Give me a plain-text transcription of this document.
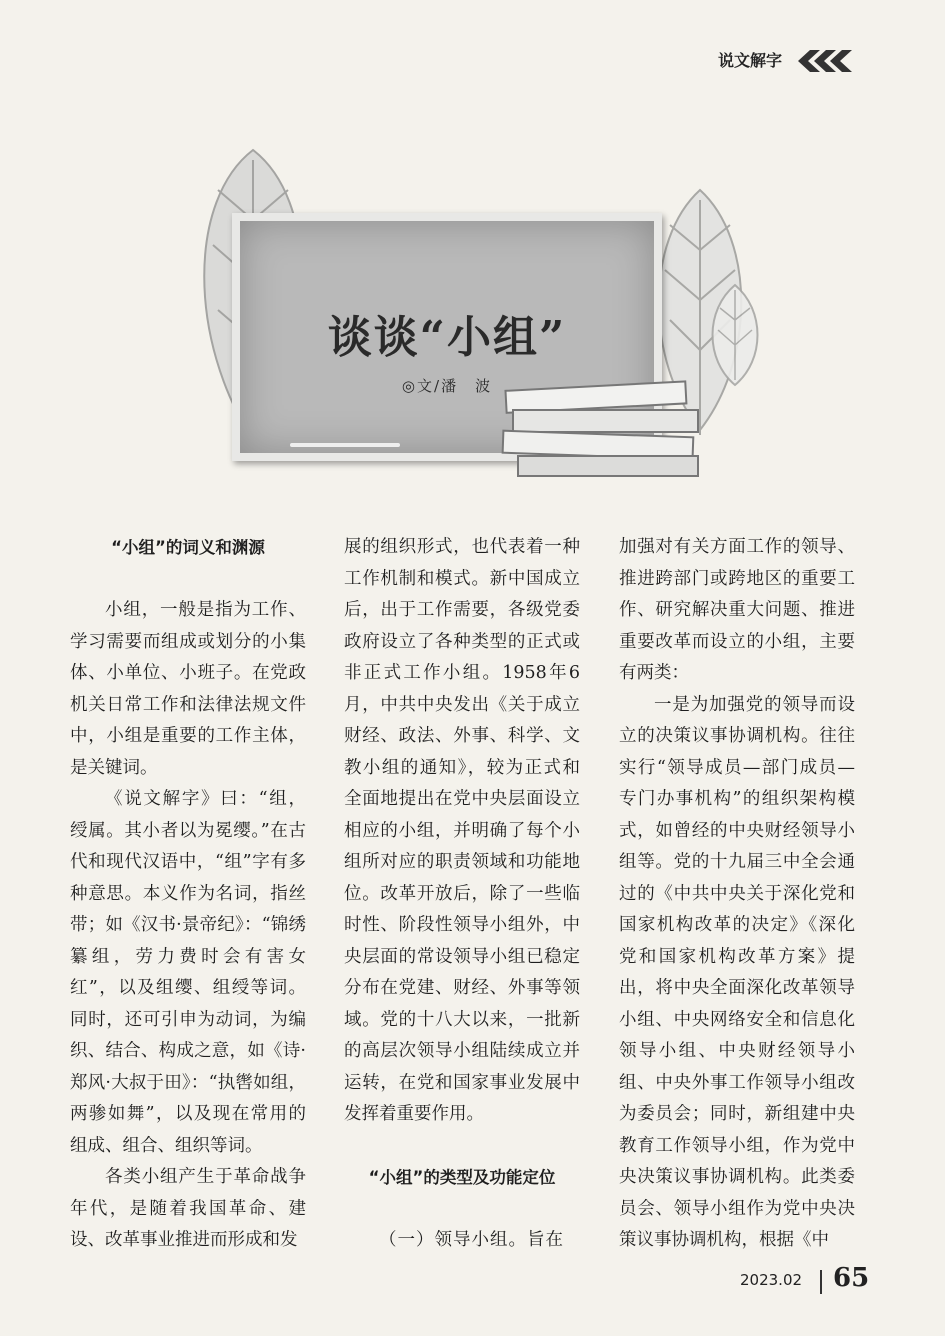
说文解字
谈谈“小组”
◎文/潘　波
“小组”的词义和渊源

小组，一般是指为工作、学习需要而组成或划分的小集体、小单位、小班子。在党政机关日常工作和法律法规文件中，小组是重要的工作主体，是关键词。

《说文解字》曰：“组，绶属。其小者以为冕缨。”在古代和现代汉语中，“组”字有多种意思。本义作为名词，指丝带；如《汉书·景帝纪》：“锦绣纂组，劳力费时会有害女红”，以及组缨、组绶等词。同时，还可引申为动词，为编织、结合、构成之意，如《诗·郑风·大叔于田》：“执辔如组，两骖如舞”，以及现在常用的组成、组合、组织等词。

各类小组产生于革命战争年代，是随着我国革命、建设、改革事业推进而形成和发

展的组织形式，也代表着一种工作机制和模式。新中国成立后，出于工作需要，各级党委政府设立了各种类型的正式或非正式工作小组。1958年6月，中共中央发出《关于成立财经、政法、外事、科学、文教小组的通知》，较为正式和全面地提出在党中央层面设立相应的小组，并明确了每个小组所对应的职责领域和功能地位。改革开放后，除了一些临时性、阶段性领导小组外，中央层面的常设领导小组已稳定分布在党建、财经、外事等领域。党的十八大以来，一批新的高层次领导小组陆续成立并运转，在党和国家事业发展中发挥着重要作用。

“小组”的类型及功能定位

（一）领导小组。旨在

加强对有关方面工作的领导、推进跨部门或跨地区的重要工作、研究解决重大问题、推进重要改革而设立的小组，主要有两类：

一是为加强党的领导而设立的决策议事协调机构。往往实行“领导成员—部门成员—专门办事机构”的组织架构模式，如曾经的中央财经领导小组等。党的十九届三中全会通过的《中共中央关于深化党和国家机构改革的决定》《深化党和国家机构改革方案》提出，将中央全面深化改革领导小组、中央网络安全和信息化领导小组、中央财经领导小组、中央外事工作领导小组改为委员会；同时，新组建中央教育工作领导小组，作为党中央决策议事协调机构。此类委员会、领导小组作为党中央决策议事协调机构，根据《中

2023.02 65
